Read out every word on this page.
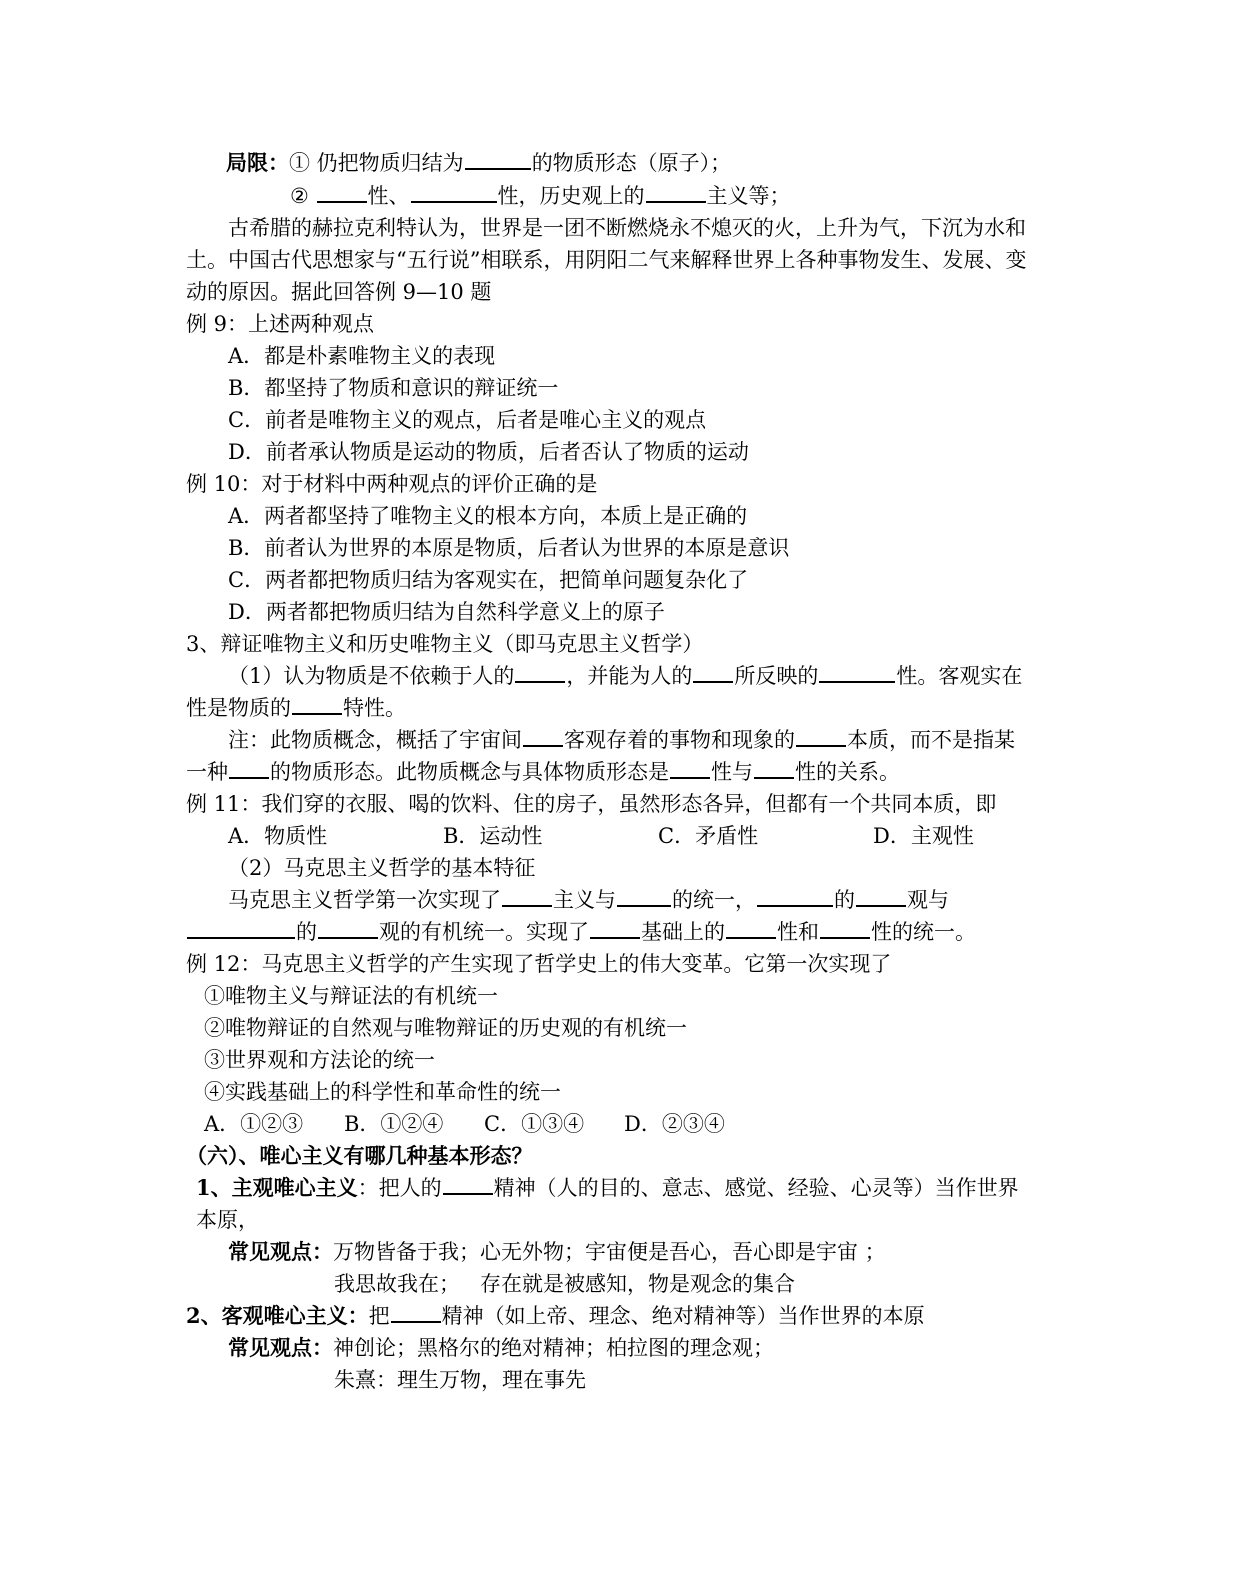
局限：① 仍把物质归结为	的物质形态（原子）；
②	性、	性，历史观上的	主义等；
古希腊的赫拉克利特认为，世界是一团不断燃烧永不熄灭的火，上升为气，下沉为水和
土。中国古代思想家与“五行说”相联系，用阴阳二气来解释世界上各种事物发生、发展、变
动的原因。据此回答例 9—10 题
例 9：上述两种观点
A．都是朴素唯物主义的表现
B．都坚持了物质和意识的辩证统一
C．前者是唯物主义的观点，后者是唯心主义的观点
D．前者承认物质是运动的物质，后者否认了物质的运动
例 10：对于材料中两种观点的评价正确的是
A．两者都坚持了唯物主义的根本方向，本质上是正确的
B．前者认为世界的本原是物质，后者认为世界的本原是意识
C．两者都把物质归结为客观实在，把简单问题复杂化了
D．两者都把物质归结为自然科学意义上的原子
3、辩证唯物主义和历史唯物主义（即马克思主义哲学）
（1）认为物质是不依赖于人的 ，并能为人的 所反映的	性。客观实在
性是物质的 特性。
注：此物质概念，概括了宇宙间 客观存着的事物和现象的 本质，而不是指某
一种 的物质形态。此物质概念与具体物质形态是 性与 性的关系。
例 11：我们穿的衣服、喝的饮料、住的房子，虽然形态各异，但都有一个共同本质，即
A．物质性	B．运动性	C．矛盾性	D．主观性
（2）马克思主义哲学的基本特征
马克思主义哲学第一次实现了 主义与	的统一，	的 观与
的	观的有机统一。实现了 基础上的 性和 性的统一。
例 12：马克思主义哲学的产生实现了哲学史上的伟大变革。它第一次实现了
①唯物主义与辩证法的有机统一
②唯物辩证的自然观与唯物辩证的历史观的有机统一
③世界观和方法论的统一
④实践基础上的科学性和革命性的统一
A．①②③ B．①②④ C．①③④ D．②③④
（六）、唯心主义有哪几种基本形态？
1、主观唯心主义：把人的 精神（人的目的、意志、感觉、经验、心灵等）当作世界
本原，
常见观点：万物皆备于我；心无外物；宇宙便是吾心，吾心即是宇宙 ；
我思故我在；   存在就是被感知，物是观念的集合
2、客观唯心主义：把 精神（如上帝、理念、绝对精神等）当作世界的本原
常见观点：神创论；黑格尔的绝对精神；柏拉图的理念观；
朱熹：理生万物，理在事先
